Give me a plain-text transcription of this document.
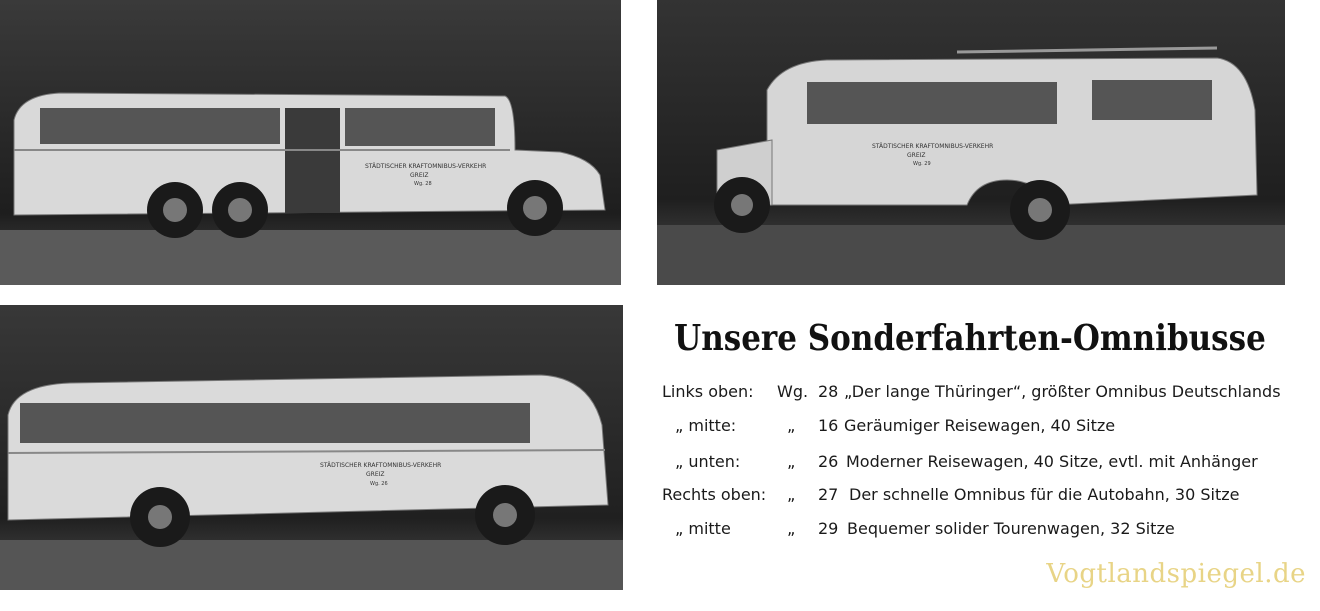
STÄDTISCHER KRAFTOMNIBUS-VERKEHR
GREIZ
Wg. 28
STÄDTISCHER KRAFTOMNIBUS-VERKEHR
GREIZ
Wg. 29
STÄDTISCHER KRAFTOMNIBUS-VERKEHR
GREIZ
Wg. 26
Unsere Sonderfahrten-Omnibusse
Links oben: Wg. 28 „Der lange Thüringer“, größter Omnibus Deutschlands
„ mitte:	„ 16 Geräumiger Reisewagen, 40 Sitze
„ unten:	„ 26 Moderner Reisewagen, 40 Sitze, evtl. mit Anhänger
Rechts oben: „ 27 Der schnelle Omnibus für die Autobahn, 30 Sitze
„ mitte	„ 29 Bequemer solider Tourenwagen, 32 Sitze
Vogtlandspiegel.de
